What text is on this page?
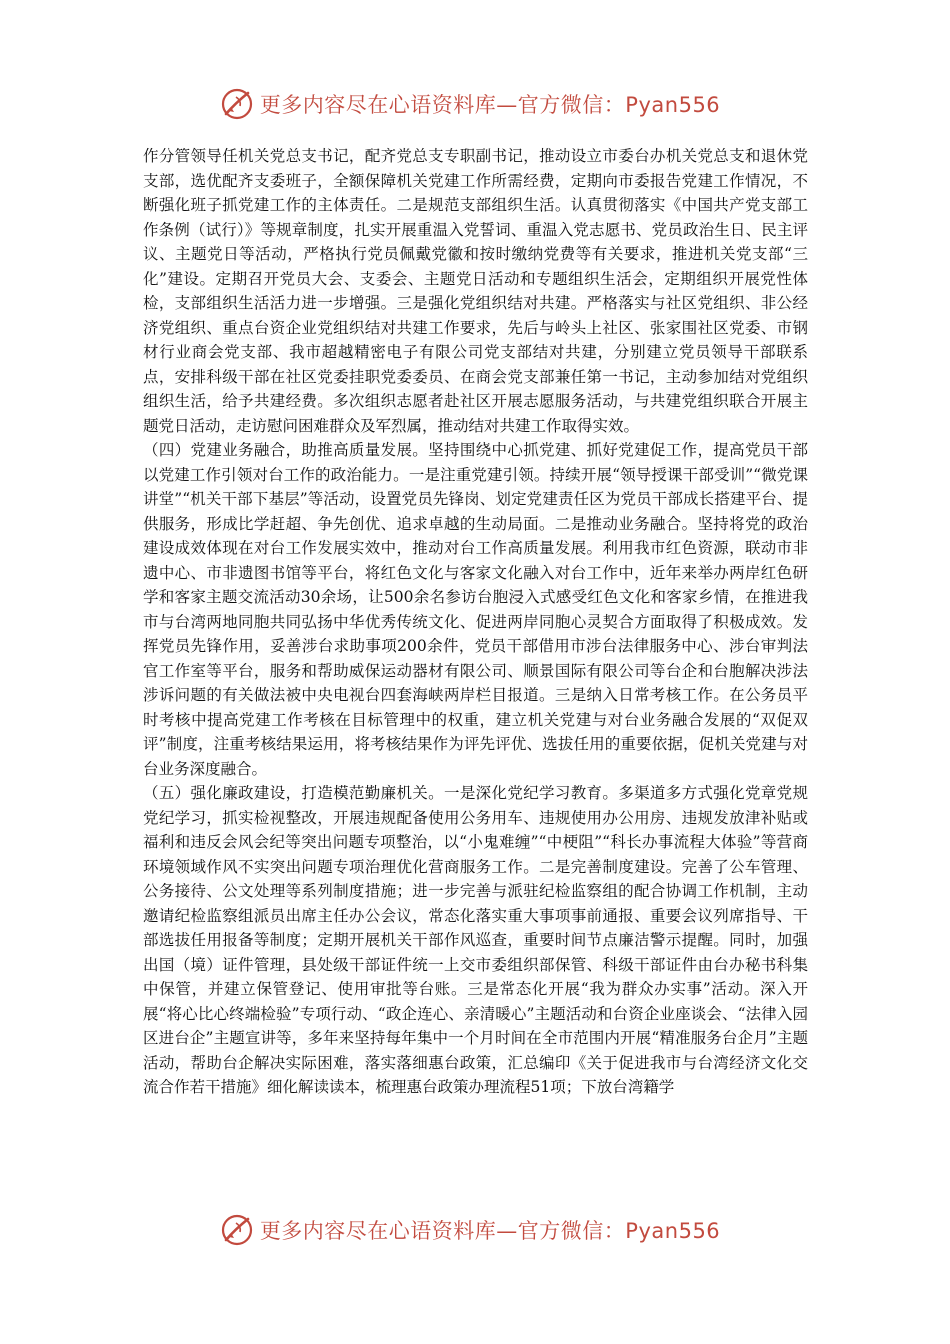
更多内容尽在心语资料库—官方微信：Pyan556

作分管领导任机关党总支书记，配齐党总支专职副书记，推动设立市委台办机关党总支和退休党支部，选优配齐支委班子，全额保障机关党建工作所需经费，定期向市委报告党建工作情况，不断强化班子抓党建工作的主体责任。二是规范支部组织生活。认真贯彻落实《中国共产党支部工作条例（试行）》等规章制度，扎实开展重温入党誓词、重温入党志愿书、党员政治生日、民主评议、主题党日等活动，严格执行党员佩戴党徽和按时缴纳党费等有关要求，推进机关党支部“三化”建设。定期召开党员大会、支委会、主题党日活动和专题组织生活会，定期组织开展党性体检，支部组织生活活力进一步增强。三是强化党组织结对共建。严格落实与社区党组织、非公经济党组织、重点台资企业党组织结对共建工作要求，先后与岭头上社区、张家围社区党委、市钢材行业商会党支部、我市超越精密电子有限公司党支部结对共建，分别建立党员领导干部联系点，安排科级干部在社区党委挂职党委委员、在商会党支部兼任第一书记，主动参加结对党组织组织生活，给予共建经费。多次组织志愿者赴社区开展志愿服务活动，与共建党组织联合开展主题党日活动，走访慰问困难群众及军烈属，推动结对共建工作取得实效。

（四）党建业务融合，助推高质量发展。坚持围绕中心抓党建、抓好党建促工作，提高党员干部以党建工作引领对台工作的政治能力。一是注重党建引领。持续开展“领导授课干部受训”“微党课讲堂”“机关干部下基层”等活动，设置党员先锋岗、划定党建责任区为党员干部成长搭建平台、提供服务，形成比学赶超、争先创优、追求卓越的生动局面。二是推动业务融合。坚持将党的政治建设成效体现在对台工作发展实效中，推动对台工作高质量发展。利用我市红色资源，联动市非遗中心、市非遗图书馆等平台，将红色文化与客家文化融入对台工作中，近年来举办两岸红色研学和客家主题交流活动30余场，让500余名参访台胞浸入式感受红色文化和客家乡情，在推进我市与台湾两地同胞共同弘扬中华优秀传统文化、促进两岸同胞心灵契合方面取得了积极成效。发挥党员先锋作用，妥善涉台求助事项200余件，党员干部借用市涉台法律服务中心、涉台审判法官工作室等平台，服务和帮助威保运动器材有限公司、顺景国际有限公司等台企和台胞解决涉法涉诉问题的有关做法被中央电视台四套海峡两岸栏目报道。三是纳入日常考核工作。在公务员平时考核中提高党建工作考核在目标管理中的权重，建立机关党建与对台业务融合发展的“双促双评”制度，注重考核结果运用，将考核结果作为评先评优、选拔任用的重要依据，促机关党建与对台业务深度融合。

（五）强化廉政建设，打造模范勤廉机关。一是深化党纪学习教育。多渠道多方式强化党章党规党纪学习，抓实检视整改，开展违规配备使用公务用车、违规使用办公用房、违规发放津补贴或福利和违反会风会纪等突出问题专项整治，以“小鬼难缠”“中梗阻”“科长办事流程大体验”等营商环境领域作风不实突出问题专项治理优化营商服务工作。二是完善制度建设。完善了公车管理、公务接待、公文处理等系列制度措施；进一步完善与派驻纪检监察组的配合协调工作机制，主动邀请纪检监察组派员出席主任办公会议，常态化落实重大事项事前通报、重要会议列席指导、干部选拔任用报备等制度；定期开展机关干部作风巡查，重要时间节点廉洁警示提醒。同时，加强出国（境）证件管理，县处级干部证件统一上交市委组织部保管、科级干部证件由台办秘书科集中保管，并建立保管登记、使用审批等台账。三是常态化开展“我为群众办实事”活动。深入开展“将心比心终端检验”专项行动、“政企连心、亲清暖心”主题活动和台资企业座谈会、“法律入园区进台企”主题宣讲等，多年来坚持每年集中一个月时间在全市范围内开展“精准服务台企月”主题活动，帮助台企解决实际困难，落实落细惠台政策，汇总编印《关于促进我市与台湾经济文化交流合作若干措施》细化解读读本，梳理惠台政策办理流程51项；下放台湾籍学

更多内容尽在心语资料库—官方微信：Pyan556
